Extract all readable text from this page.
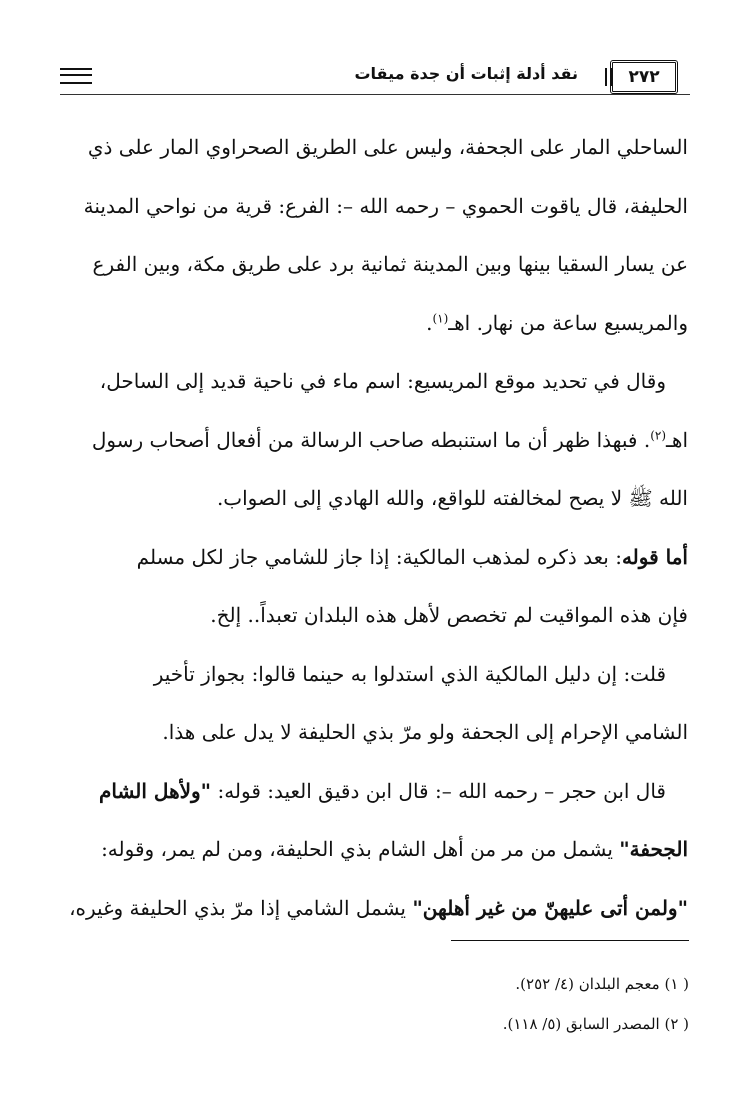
٢٧٢
نقد أدلة إثبات أن جدة ميقات

الساحلي المار على الجحفة، وليس على الطريق الصحراوي المار على ذي
الحليفة، قال ياقوت الحموي – رحمه الله –: الفرع: قرية من نواحي المدينة
عن يسار السقيا بينها وبين المدينة ثمانية برد على طريق مكة، وبين الفرع
والمريسيع ساعة من نهار. اهـ$^{(١)}$.

وقال في تحديد موقع المريسيع: اسم ماء في ناحية قديد إلى الساحل،
اهـ$^{(٢)}$. فبهذا ظهر أن ما استنبطه صاحب الرسالة من أفعال أصحاب رسول
الله ﷺ لا يصح لمخالفته للواقع، والله الهادي إلى الصواب.

أما قوله: بعد ذكره لمذهب المالكية: إذا جاز للشامي جاز لكل مسلم
فإن هذه المواقيت لم تخصص لأهل هذه البلدان تعبداً.. إلخ.

قلت: إن دليل المالكية الذي استدلوا به حينما قالوا: بجواز تأخير
الشامي الإحرام إلى الجحفة ولو مرّ بذي الحليفة لا يدل على هذا.

قال ابن حجر – رحمه الله –: قال ابن دقيق العيد: قوله: "ولأهل الشام
الجحفة" يشمل من مر من أهل الشام بذي الحليفة، ومن لم يمر، وقوله:
"ولمن أتى عليهنّ من غير أهلهن" يشمل الشامي إذا مرّ بذي الحليفة وغيره،

( ١) معجم البلدان (٤/ ٢٥٢).

( ٢) المصدر السابق (٥/ ١١٨).
